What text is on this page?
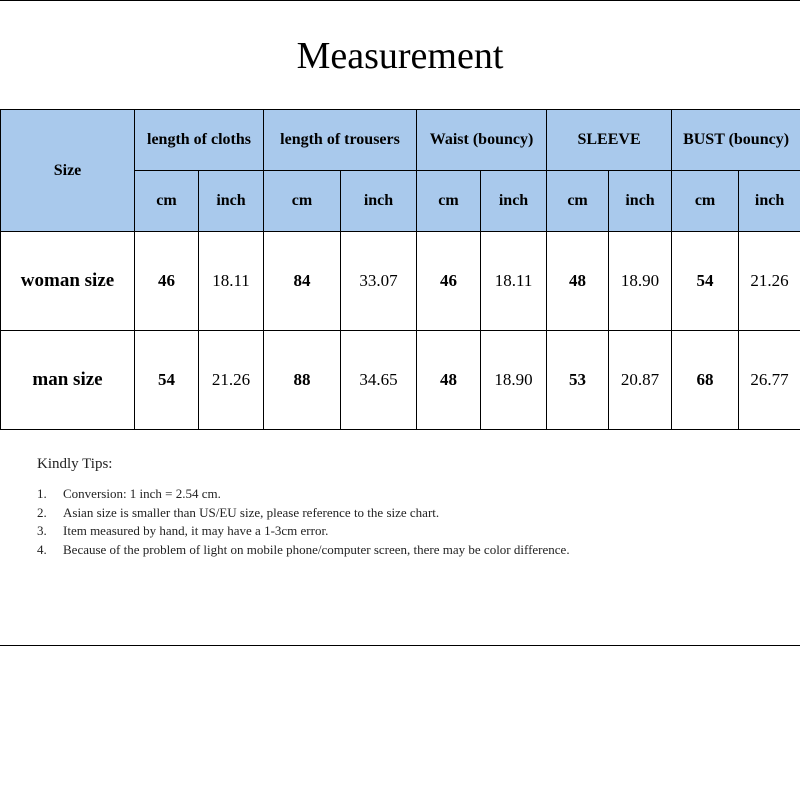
Measurement
Size	length of cloths		length of trousers		Waist (bouncy)		SLEEVE		BUST (bouncy)	
	cm	inch	cm	inch	cm	inch	cm	inch	cm	inch
woman size	46	18.11	84	33.07	46	18.11	48	18.90	54	21.26
man size	54	21.26	88	34.65	48	18.90	53	20.87	68	26.77
Kindly Tips:
1.	Conversion: 1 inch = 2.54 cm.
2.	Asian size is smaller than US/EU size, please reference to the size chart.
3.	Item measured by hand, it may have a 1-3cm error.
4.	Because of the problem of light on mobile phone/computer screen, there may be color difference.
